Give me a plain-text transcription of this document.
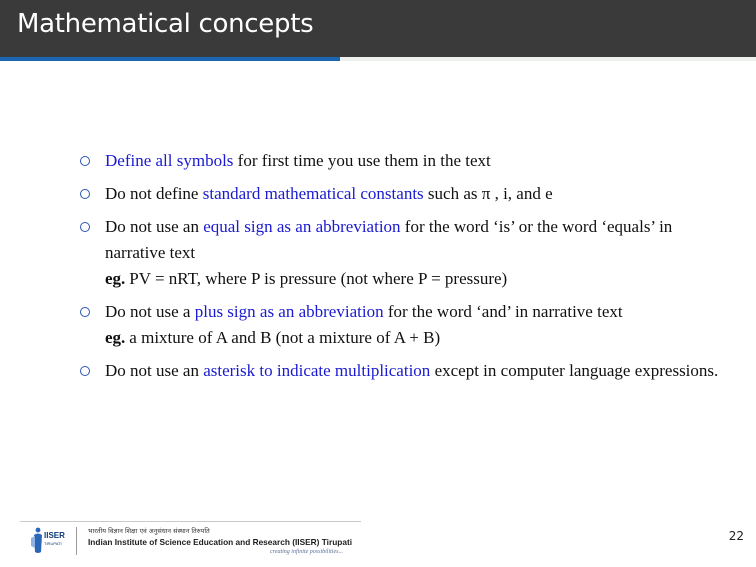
Mathematical concepts
Define all symbols for first time you use them in the text
Do not define standard mathematical constants such as π , i, and e
Do not use an equal sign as an abbreviation for the word ‘is’ or the word ‘equals’ in narrative text
eg. PV = nRT, where P is pressure (not where P = pressure)
Do not use a plus sign as an abbreviation for the word ‘and’ in narrative text
eg. a mixture of A and B (not a mixture of A + B)
Do not use an asterisk to indicate multiplication except in computer language expressions.
IISER
TIRUPATI
भारतीय विज्ञान शिक्षा एवं अनुसंधान संस्थान तिरुपति
Indian Institute of Science Education and Research (IISER) Tirupati
creating infinite possibilities...
22
